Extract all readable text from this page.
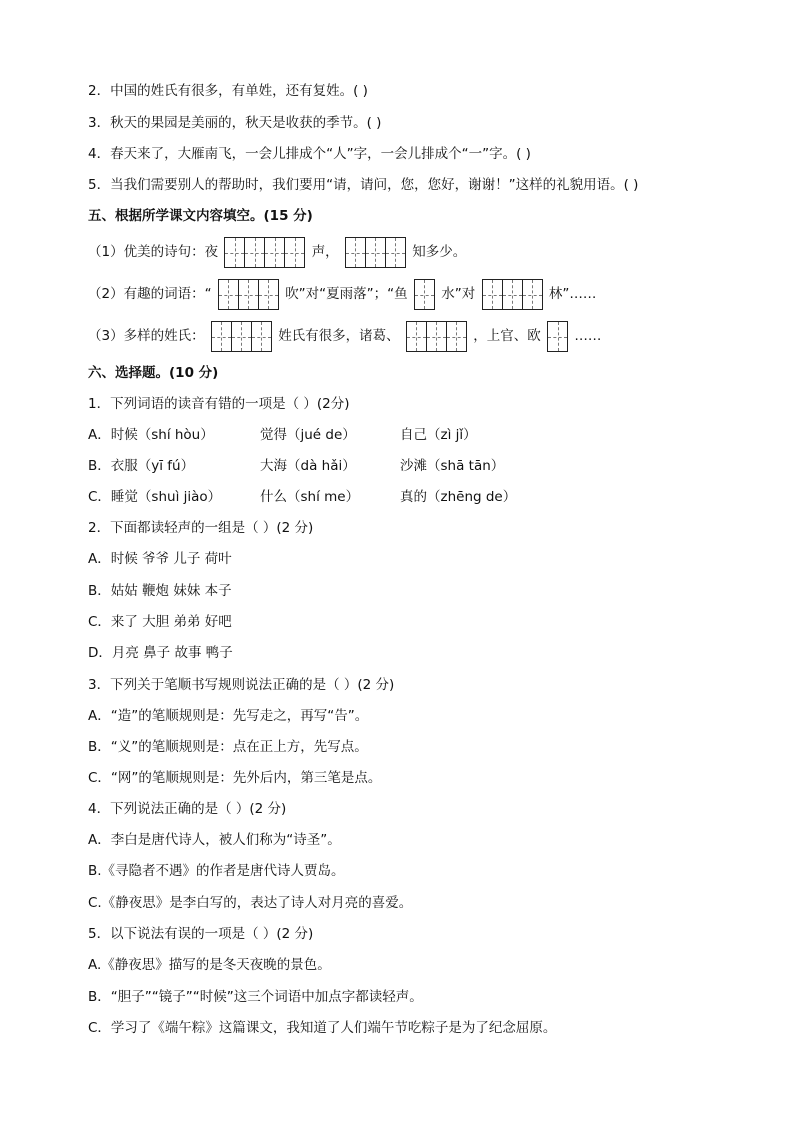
2．中国的姓氏有很多，有单姓，还有复姓。( )
3．秋天的果园是美丽的，秋天是收获的季节。( )
4．春天来了，大雁南飞，一会儿排成个“人”字，一会儿排成个“一”字。( )
5．当我们需要别人的帮助时，我们要用“请，请问，您，您好，谢谢！”这样的礼貌用语。( )
五、根据所学课文内容填空。(15 分)
（1）优美的诗句：夜	声，	知多少。
（2）有趣的词语：“	吹”对“夏雨落”；“鱼 水”对	林”……
（3）多样的姓氏：	姓氏有很多，诸葛、	，上官、欧 ……
六、选择题。(10 分)
1．下列词语的读音有错的一项是（ ）(2分)
A．时候（shí hòu）	觉得（jué de）	自己（zì jǐ）
B．衣服（yī fú）	大海（dà hǎi）	沙滩（shā tān）
C．睡觉（shuì jiào）	什么（shí me）	真的（zhēng de）
2．下面都读轻声的一组是（ ）(2 分)
A．时候 爷爷 儿子 荷叶
B．姑姑 鞭炮 妹妹 本子
C．来了 大胆 弟弟 好吧
D．月亮 鼻子 故事 鸭子
3．下列关于笔顺书写规则说法正确的是（ ）(2 分)
A．“造”的笔顺规则是：先写走之，再写“告”。
B．“义”的笔顺规则是：点在正上方，先写点。
C．“网”的笔顺规则是：先外后内，第三笔是点。
4．下列说法正确的是（ ）(2 分)
A．李白是唐代诗人，被人们称为“诗圣”。
B.《寻隐者不遇》的作者是唐代诗人贾岛。
C.《静夜思》是李白写的，表达了诗人对月亮的喜爱。
5．以下说法有误的一项是（ ）(2 分)
A.《静夜思》描写的是冬天夜晚的景色。
B．“胆子”“镜子”“时候”这三个词语中加点字都读轻声。
C．学习了《端午粽》这篇课文，我知道了人们端午节吃粽子是为了纪念屈原。
